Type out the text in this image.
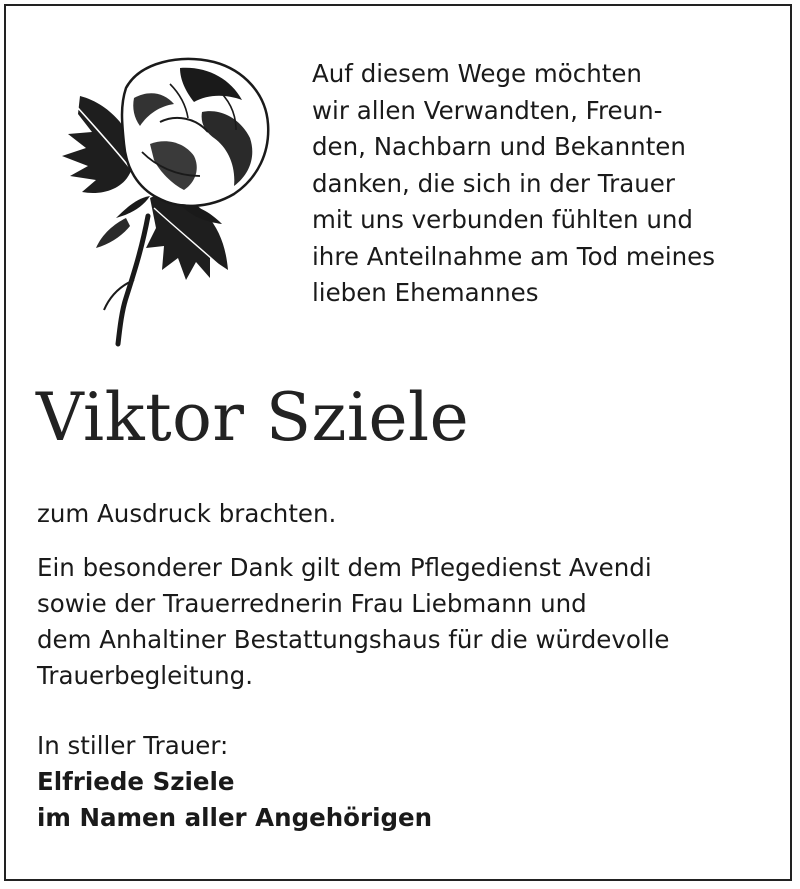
Auf diesem Wege möchten
wir allen Verwandten, Freun-
den, Nachbarn und Bekannten
danken, die sich in der Trauer
mit uns verbunden fühlten und
ihre Anteilnahme am Tod meines
lieben Ehemannes
Viktor Sziele
zum Ausdruck brachten.
Ein besonderer Dank gilt dem Pflegedienst Avendi
sowie der Trauerrednerin Frau Liebmann und
dem Anhaltiner Bestattungshaus für die würdevolle
Trauerbegleitung.
In stiller Trauer:
Elfriede Sziele
im Namen aller Angehörigen
